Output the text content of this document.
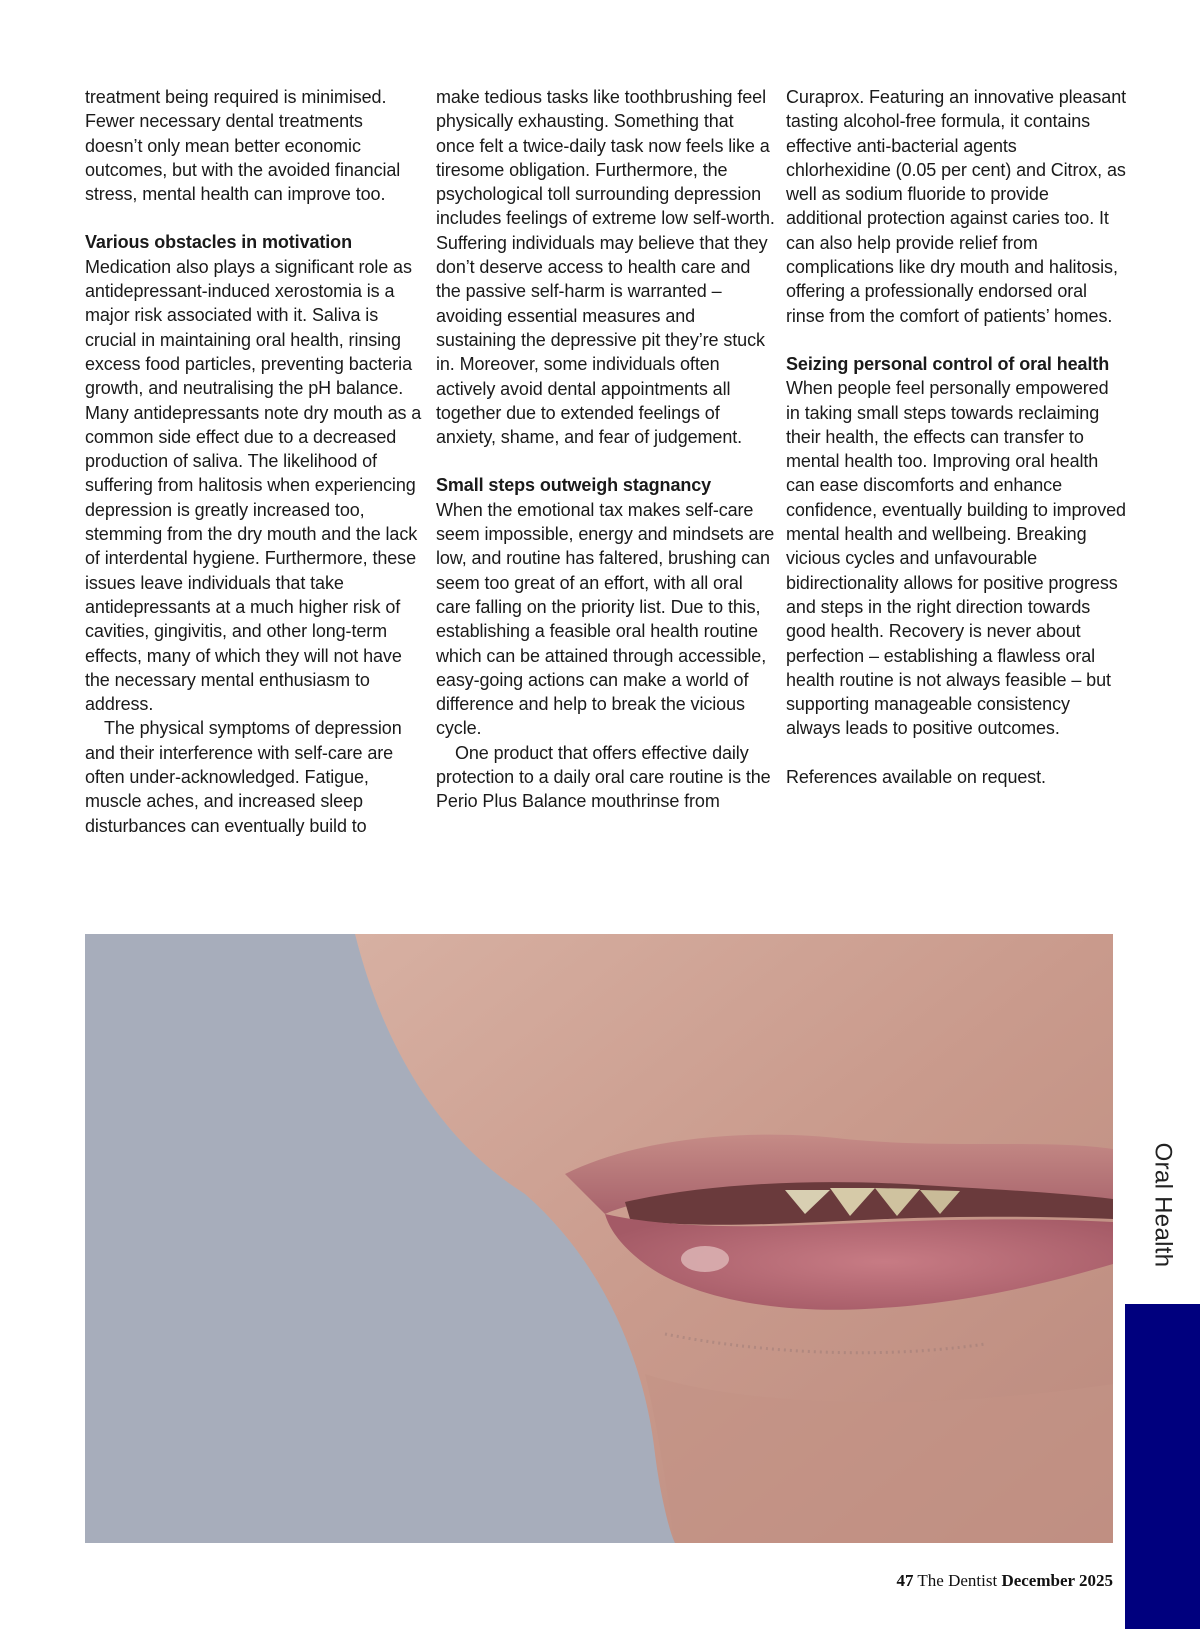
treatment being required is minimised. Fewer necessary dental treatments doesn’t only mean better economic outcomes, but with the avoided financial stress, mental health can improve too.

Various obstacles in motivation

Medication also plays a significant role as antidepressant-induced xerostomia is a major risk associated with it. Saliva is crucial in maintaining oral health, rinsing excess food particles, preventing bacteria growth, and neutralising the pH balance. Many antidepressants note dry mouth as a common side effect due to a decreased production of saliva. The likelihood of suffering from halitosis when experiencing depression is greatly increased too, stemming from the dry mouth and the lack of interdental hygiene. Furthermore, these issues leave individuals that take antidepressants at a much higher risk of cavities, gingivitis, and other long-term effects, many of which they will not have the necessary mental enthusiasm to address.

The physical symptoms of depression and their interference with self-care are often under-acknowledged. Fatigue, muscle aches, and increased sleep disturbances can eventually build to

make tedious tasks like toothbrushing feel physically exhausting. Something that once felt a twice-daily task now feels like a tiresome obligation. Furthermore, the psychological toll surrounding depression includes feelings of extreme low self-worth. Suffering individuals may believe that they don’t deserve access to health care and the passive self-harm is warranted – avoiding essential measures and sustaining the depressive pit they’re stuck in. Moreover, some individuals often actively avoid dental appointments all together due to extended feelings of anxiety, shame, and fear of judgement.

Small steps outweigh stagnancy

When the emotional tax makes self-care seem impossible, energy and mindsets are low, and routine has faltered, brushing can seem too great of an effort, with all oral care falling on the priority list. Due to this, establishing a feasible oral health routine which can be attained through accessible, easy-going actions can make a world of difference and help to break the vicious cycle.

One product that offers effective daily protection to a daily oral care routine is the Perio Plus Balance mouthrinse from

Curaprox. Featuring an innovative pleasant tasting alcohol-free formula, it contains effective anti-bacterial agents chlorhexidine (0.05 per cent) and Citrox, as well as sodium fluoride to provide additional protection against caries too. It can also help provide relief from complications like dry mouth and halitosis, offering a professionally endorsed oral rinse from the comfort of patients’ homes.

Seizing personal control of oral health

When people feel personally empowered in taking small steps towards reclaiming their health, the effects can transfer to mental health too. Improving oral health can ease discomforts and enhance confidence, eventually building to improved mental health and wellbeing. Breaking vicious cycles and unfavourable bidirectionality allows for positive progress and steps in the right direction towards good health. Recovery is never about perfection – establishing a flawless oral health routine is not always feasible – but supporting manageable consistency always leads to positive outcomes.

References available on request.

Oral Health
47 The Dentist December 2025
